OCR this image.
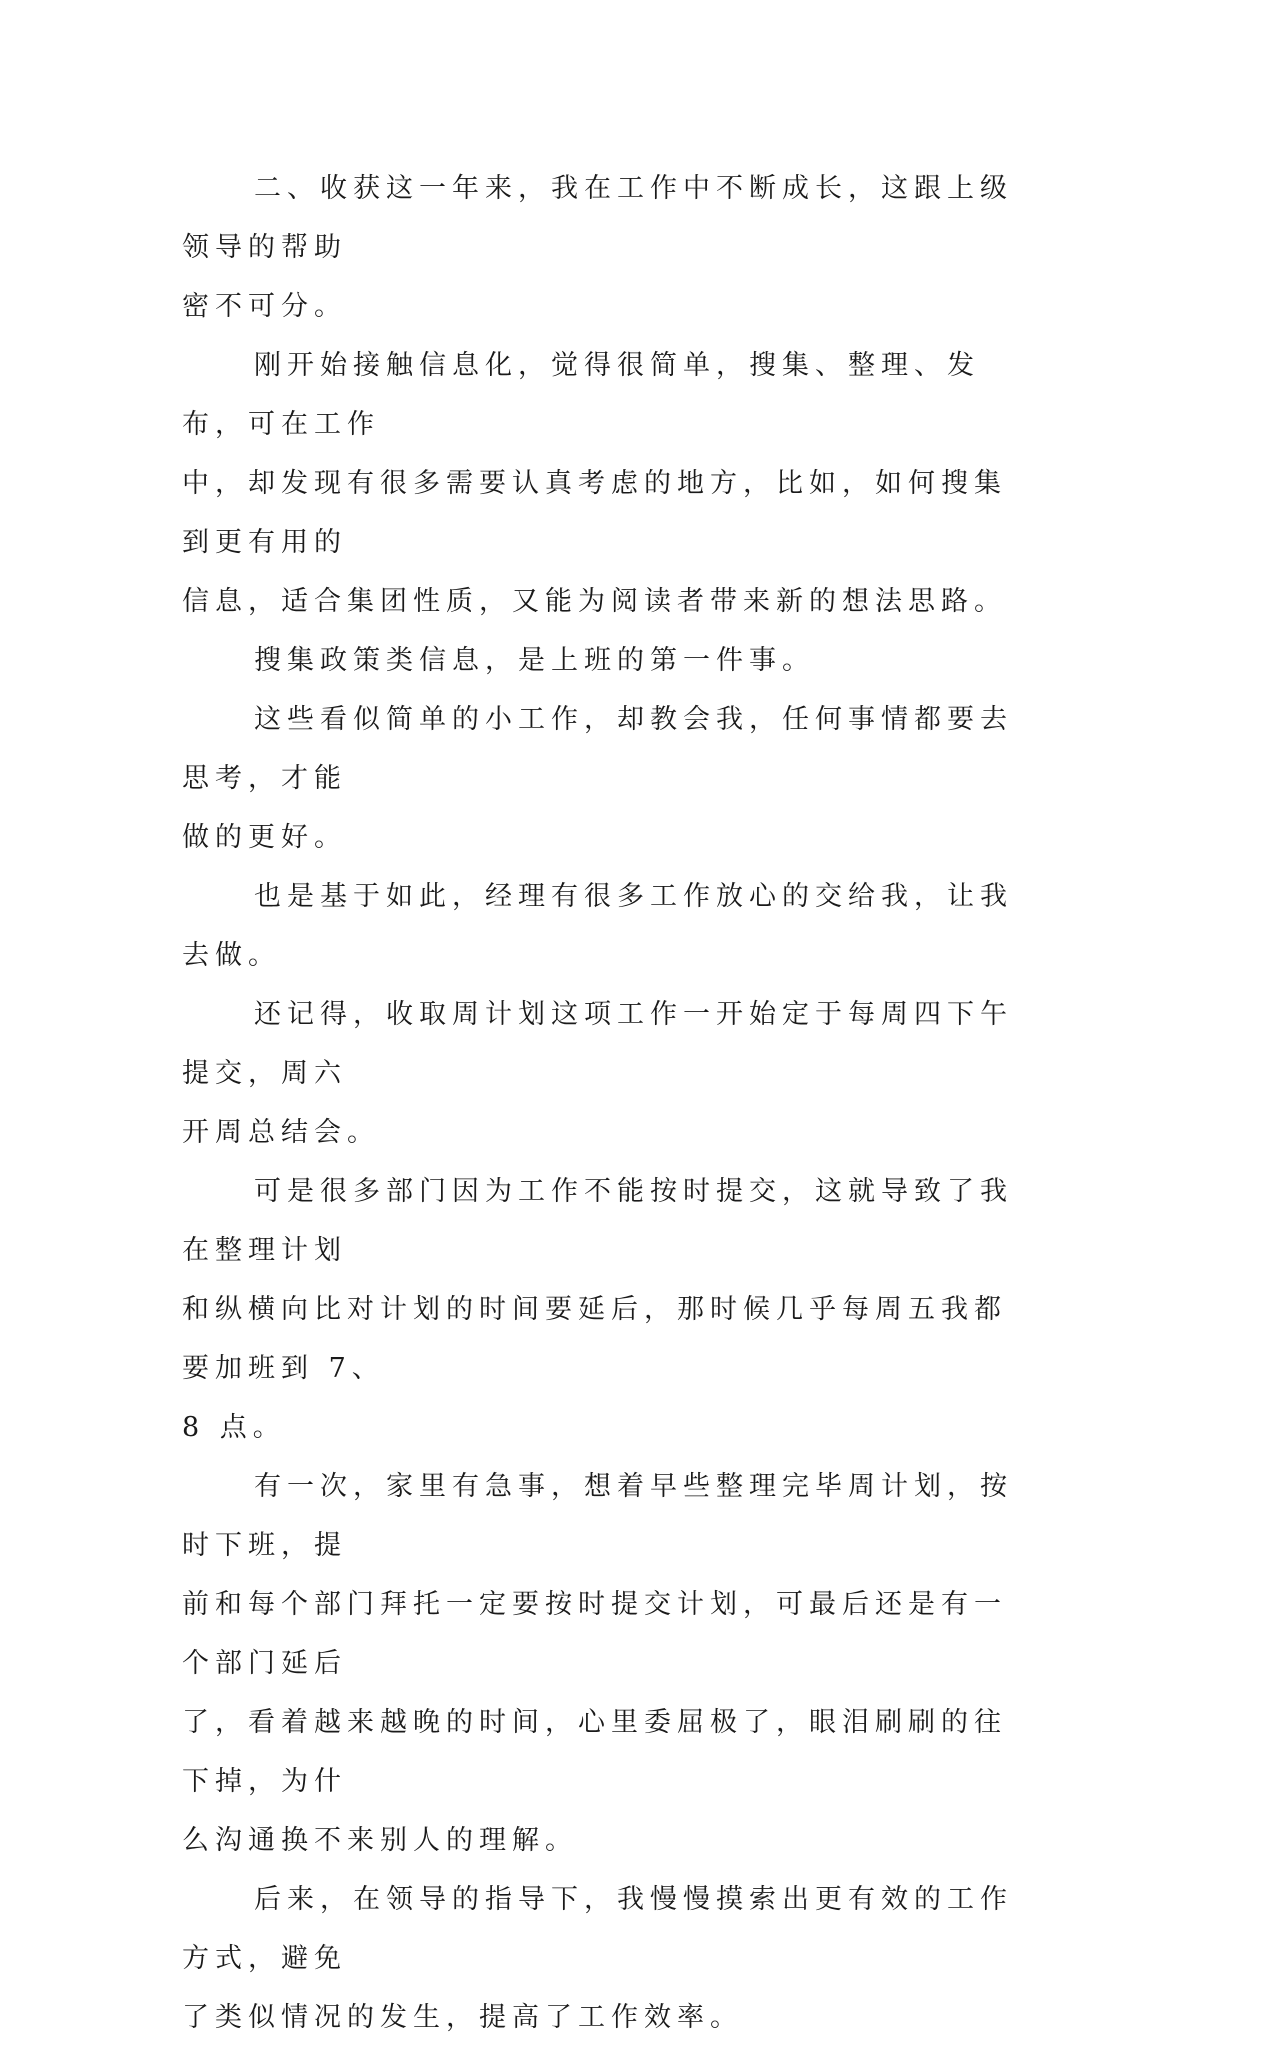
二、收获这一年来，我在工作中不断成长，这跟上级领导的帮助
密不可分。

刚开始接触信息化，觉得很简单，搜集、整理、发布，可在工作
中，却发现有很多需要认真考虑的地方，比如，如何搜集到更有用的
信息，适合集团性质，又能为阅读者带来新的想法思路。

搜集政策类信息，是上班的第一件事。

这些看似简单的小工作，却教会我，任何事情都要去思考，才能
做的更好。

也是基于如此，经理有很多工作放心的交给我，让我去做。

还记得，收取周计划这项工作一开始定于每周四下午提交，周六
开周总结会。

可是很多部门因为工作不能按时提交，这就导致了我在整理计划
和纵横向比对计划的时间要延后，那时候几乎每周五我都要加班到 7、
8 点。

有一次，家里有急事，想着早些整理完毕周计划，按时下班，提
前和每个部门拜托一定要按时提交计划，可最后还是有一个部门延后
了，看着越来越晚的时间，心里委屈极了，眼泪刷刷的往下掉，为什
么沟通换不来别人的理解。

后来，在领导的指导下，我慢慢摸索出更有效的工作方式，避免
了类似情况的发生，提高了工作效率。
